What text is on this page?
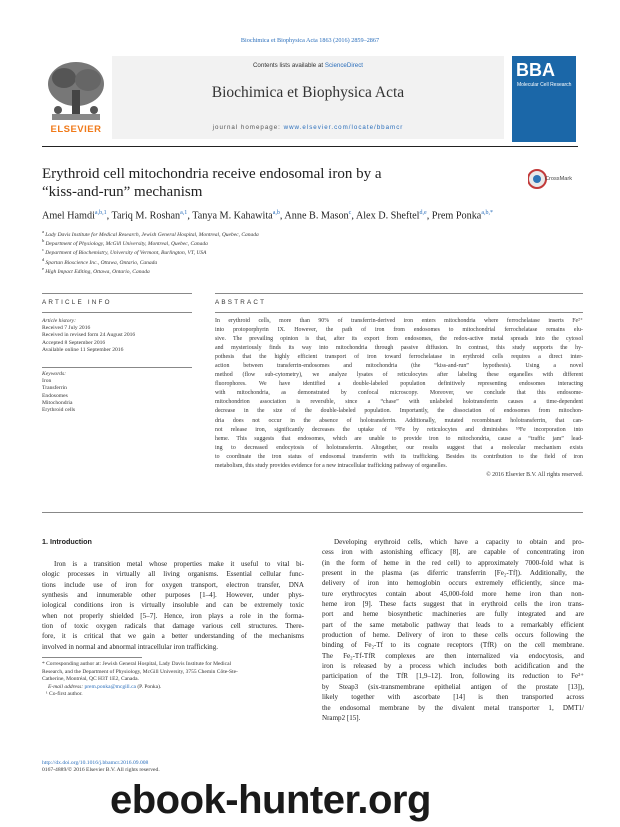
Biochimica et Biophysica Acta 1863 (2016) 2859–2867
ELSEVIER
Contents lists available at ScienceDirect
Biochimica et Biophysica Acta
journal homepage: www.elsevier.com/locate/bbamcr
BBA
Molecular Cell Research
Erythroid cell mitochondria receive endosomal iron by a
“kiss-and-run” mechanism
CrossMark
Amel Hamdi$^{a,b,1}$, Tariq M. Roshan$^{a,1}$, Tanya M. Kahawita$^{a,b}$, Anne B. Mason$^c$, Alex D. Sheftel$^{d,e}$, Prem Ponka$^{a,b,*}$
$^a$ Lady Davis Institute for Medical Research, Jewish General Hospital, Montreal, Quebec, Canada
$^b$ Department of Physiology, McGill University, Montreal, Quebec, Canada
$^c$ Department of Biochemistry, University of Vermont, Burlington, VT, USA
$^d$ Spartan Bioscience Inc., Ottawa, Ontario, Canada
$^e$ High Impact Editing, Ottawa, Ontario, Canada
ARTICLE INFO	ABSTRACT
Article history:
Received 7 July 2016
Received in revised form 24 August 2016
Accepted 8 September 2016
Available online 11 September 2016
Keywords:
Iron
Transferrin
Endosomes
Mitochondria
Erythroid cells
In erythroid cells, more than 90% of transferrin-derived iron enters mitochondria where ferrochelatase inserts Fe²⁺
into protoporphyrin IX. However, the path of iron from endosomes to mitochondrial ferrochelatase remains elu-
sive. The prevailing opinion is that, after its export from endosomes, the redox-active metal spreads into the cytosol
and mysteriously finds its way into mitochondria through passive diffusion. In contrast, this study supports the hy-
pothesis that the highly efficient transport of iron toward ferrochelatase in erythroid cells requires a direct inter-
action between transferrin-endosomes and mitochondria (the “kiss-and-run” hypothesis). Using a novel
method (flow sub-cytometry), we analyze lysates of reticulocytes after labeling these organelles with different
fluorophores. We have identified a double-labeled population definitively representing endosomes interacting
with mitochondria, as demonstrated by confocal microscopy. Moreover, we conclude that this endosome-
mitochondrion association is reversible, since a “chase” with unlabeled holotransferrin causes a time-dependent
decrease in the size of the double-labeled population. Importantly, the dissociation of endosomes from mitochon-
dria does not occur in the absence of holotransferrin. Additionally, mutated recombinant holotransferrin, that can-
not release iron, significantly decreases the uptake of ⁵⁹Fe by reticulocytes and diminishes ⁵⁹Fe incorporation into
heme. This suggests that endosomes, which are unable to provide iron to mitochondria, cause a “traffic jam” lead-
ing to decreased endocytosis of holotransferrin. Altogether, our results suggest that a molecular mechanism exists
to coordinate the iron status of endosomal transferrin with its trafficking. Besides its contribution to the field of iron
metabolism, this study provides evidence for a new intracellular trafficking pathway of organelles.
© 2016 Elsevier B.V. All rights reserved.
1. Introduction
Iron is a transition metal whose properties make it useful to vital bi-
ologic processes in virtually all living organisms. Essential cellular func-
tions include use of iron for oxygen transport, electron transfer, DNA
synthesis and innumerable other purposes [1–4]. However, under phys-
iological conditions iron is virtually insoluble and can be extremely toxic
when not properly shielded [5–7]. Hence, iron plays a role in the forma-
tion of toxic oxygen radicals that damage various cell structures. There-
fore, it is critical that we gain a better understanding of the mechanisms
involved in normal and abnormal intracellular iron trafficking.
Developing erythroid cells, which have a capacity to obtain and pro-
cess iron with astonishing efficacy [8], are capable of concentrating iron
(in the form of heme in the red cell) to approximately 7000-fold what is
present in the plasma (as diferric transferrin [Fe₂-Tf]). Additionally, the
delivery of iron into hemoglobin occurs extremely efficiently, since ma-
ture erythrocytes contain about 45,000-fold more heme iron than non-
heme iron [9]. These facts suggest that in erythroid cells the iron trans-
port and heme biosynthetic machineries are fully integrated and are
part of the same metabolic pathway that leads to a remarkably efficient
production of heme. Delivery of iron to these cells occurs following the
binding of Fe₂-Tf to its cognate receptors (TfR) on the cell membrane.
The Fe₂-Tf-TfR complexes are then internalized via endocytosis, and
iron is released by a process which includes both acidification and the
participation of the TfR [1,9–12]. Iron, following its reduction to Fe²⁺
by Steap3 (six-transmembrane epithelial antigen of the prostate [13]),
likely together with ascorbate [14] is then transported across
the endosomal membrane by the divalent metal transporter 1, DMT1/
Nramp2 [15].
* Corresponding author at: Jewish General Hospital, Lady Davis Institute for Medical
Research, and the Department of Physiology, McGill University, 3755 Chemin Côte-Ste-
Catherine, Montréal, QC H3T 1E2, Canada.
E-mail address: prem.ponka@mcgill.ca (P. Ponka).
¹ Co-first author.
http://dx.doi.org/10.1016/j.bbamcr.2016.09.008
0167-4889/© 2016 Elsevier B.V. All rights reserved.
ebook-hunter.org
